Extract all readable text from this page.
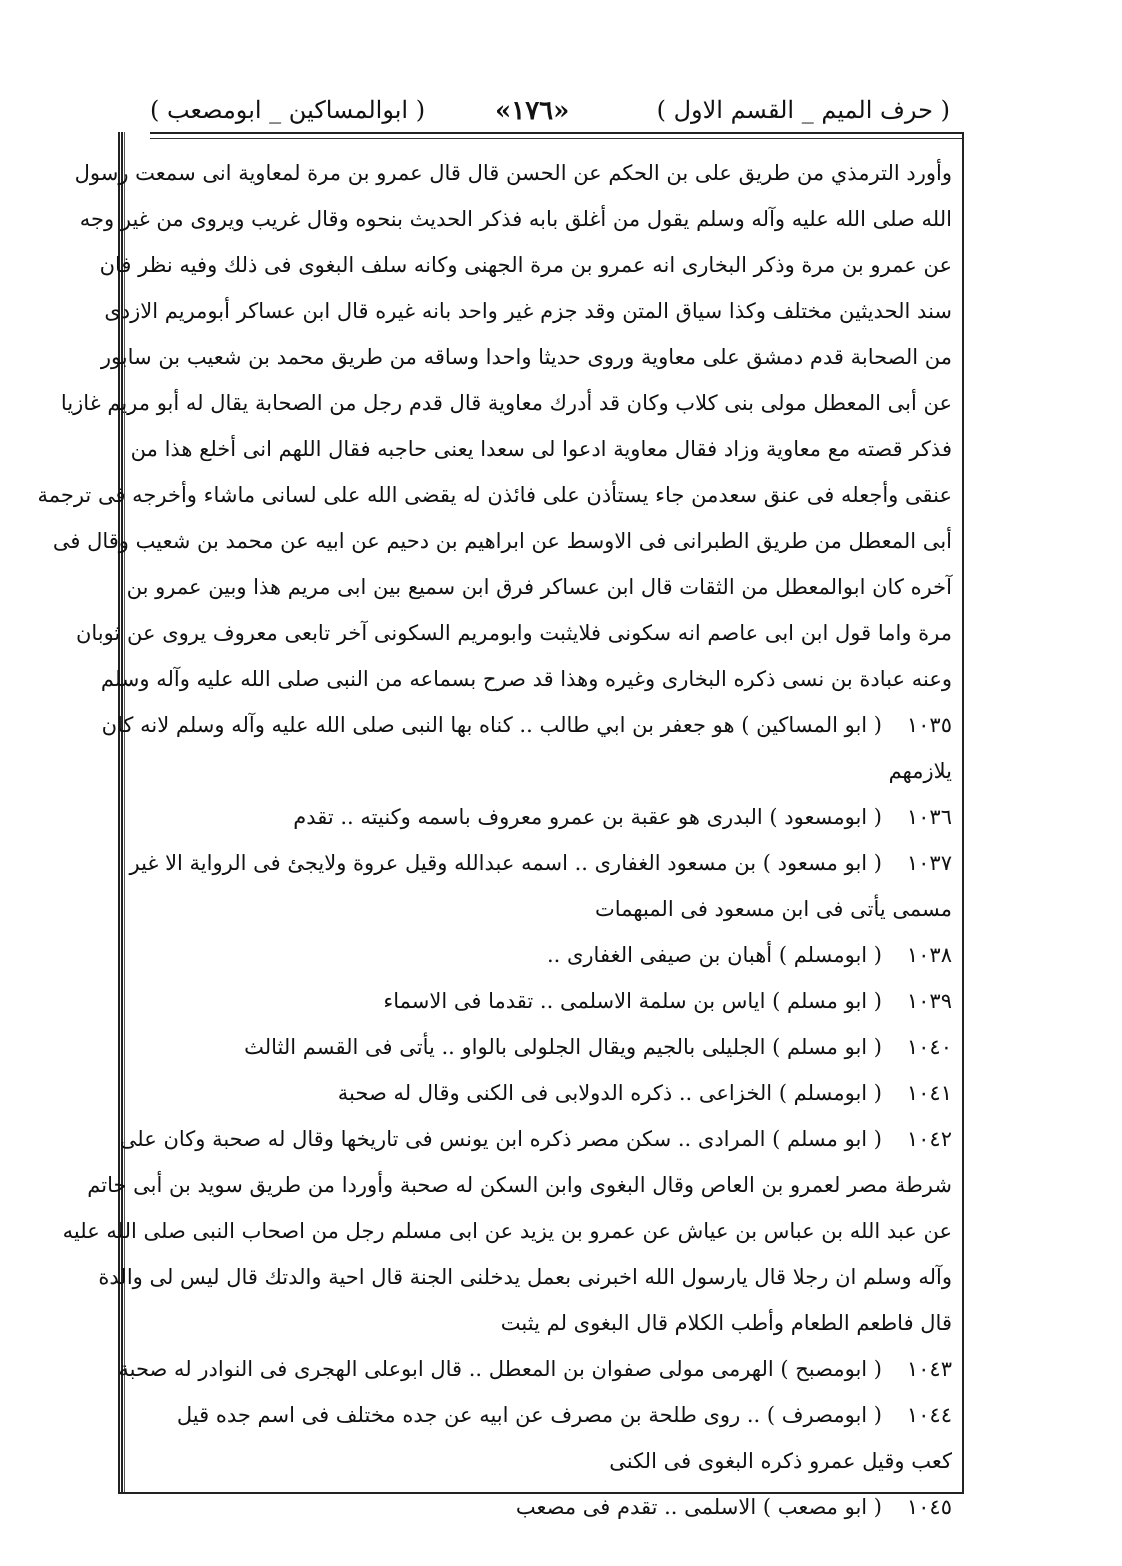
( حرف الميم _ القسم الاول )
«١٧٦»
( ابوالمساكين _ ابومصعب )
وأورد الترمذي من طريق على بن الحكم عن الحسن قال قال عمرو بن مرة لمعاوية انى سمعت رسول
الله صلى الله عليه وآله وسلم يقول من أغلق بابه فذكر الحديث بنحوه وقال غريب ويروى من غير وجه
عن عمرو بن مرة وذكر البخارى انه عمرو بن مرة الجهنى وكانه سلف البغوى فى ذلك وفيه نظر فان
سند الحديثين مختلف وكذا سياق المتن وقد جزم غير واحد بانه غيره قال ابن عساكر أبومريم الازدى
من الصحابة قدم دمشق على معاوية وروى حديثا واحدا وساقه من طريق محمد بن شعيب بن سابور
عن أبى المعطل مولى بنى كلاب وكان قد أدرك معاوية قال قدم رجل من الصحابة يقال له أبو مريم غازيا
فذكر قصته مع معاوية وزاد فقال معاوية ادعوا لى سعدا يعنى حاجبه فقال اللهم انى أخلع هذا من
عنقى وأجعله فى عنق سعدمن جاء يستأذن على فائذن له يقضى الله على لسانى ماشاء وأخرجه فى ترجمة
أبى المعطل من طريق الطبرانى فى الاوسط عن ابراهيم بن دحيم عن ابيه عن محمد بن شعيب وقال فى
آخره كان ابوالمعطل من الثقات قال ابن عساكر فرق ابن سميع بين ابى مريم هذا وبين عمرو بن
مرة واما قول ابن ابى عاصم انه سكونى فلايثبت وابومريم السكونى آخر تابعى معروف يروى عن ثوبان
وعنه عبادة بن نسى ذكره البخارى وغيره وهذا قد صرح بسماعه من النبى صلى الله عليه وآله وسلم
١٠٣٥( ابو المساكين ) هو جعفر بن ابي طالب .. كناه بها النبى صلى الله عليه وآله وسلم لانه كان
يلازمهم
١٠٣٦( ابومسعود ) البدرى هو عقبة بن عمرو معروف باسمه وكنيته .. تقدم
١٠٣٧( ابو مسعود ) بن مسعود الغفارى .. اسمه عبدالله وقيل عروة ولايجئ فى الرواية الا غير
مسمى يأتى فى ابن مسعود فى المبهمات
١٠٣٨( ابومسلم ) أهبان بن صيفى الغفارى ..
١٠٣٩( ابو مسلم ) اياس بن سلمة الاسلمى .. تقدما فى الاسماء
١٠٤٠( ابو مسلم ) الجليلى بالجيم ويقال الجلولى بالواو .. يأتى فى القسم الثالث
١٠٤١( ابومسلم ) الخزاعى .. ذكره الدولابى فى الكنى وقال له صحبة
١٠٤٢( ابو مسلم ) المرادى .. سكن مصر ذكره ابن يونس فى تاريخها وقال له صحبة وكان على
شرطة مصر لعمرو بن العاص وقال البغوى وابن السكن له صحبة وأوردا من طريق سويد بن أبى حاتم
عن عبد الله بن عباس بن عياش عن عمرو بن يزيد عن ابى مسلم رجل من اصحاب النبى صلى الله عليه
وآله وسلم ان رجلا قال يارسول الله اخبرنى بعمل يدخلنى الجنة قال احية والدتك قال ليس لى والدة
قال فاطعم الطعام وأطب الكلام قال البغوى لم يثبت
١٠٤٣( ابومصبح ) الهرمى مولى صفوان بن المعطل .. قال ابوعلى الهجرى فى النوادر له صحبة
١٠٤٤( ابومصرف ) .. روى طلحة بن مصرف عن ابيه عن جده مختلف فى اسم جده قيل
كعب وقيل عمرو ذكره البغوى فى الكنى
١٠٤٥( ابو مصعب ) الاسلمى .. تقدم فى مصعب
